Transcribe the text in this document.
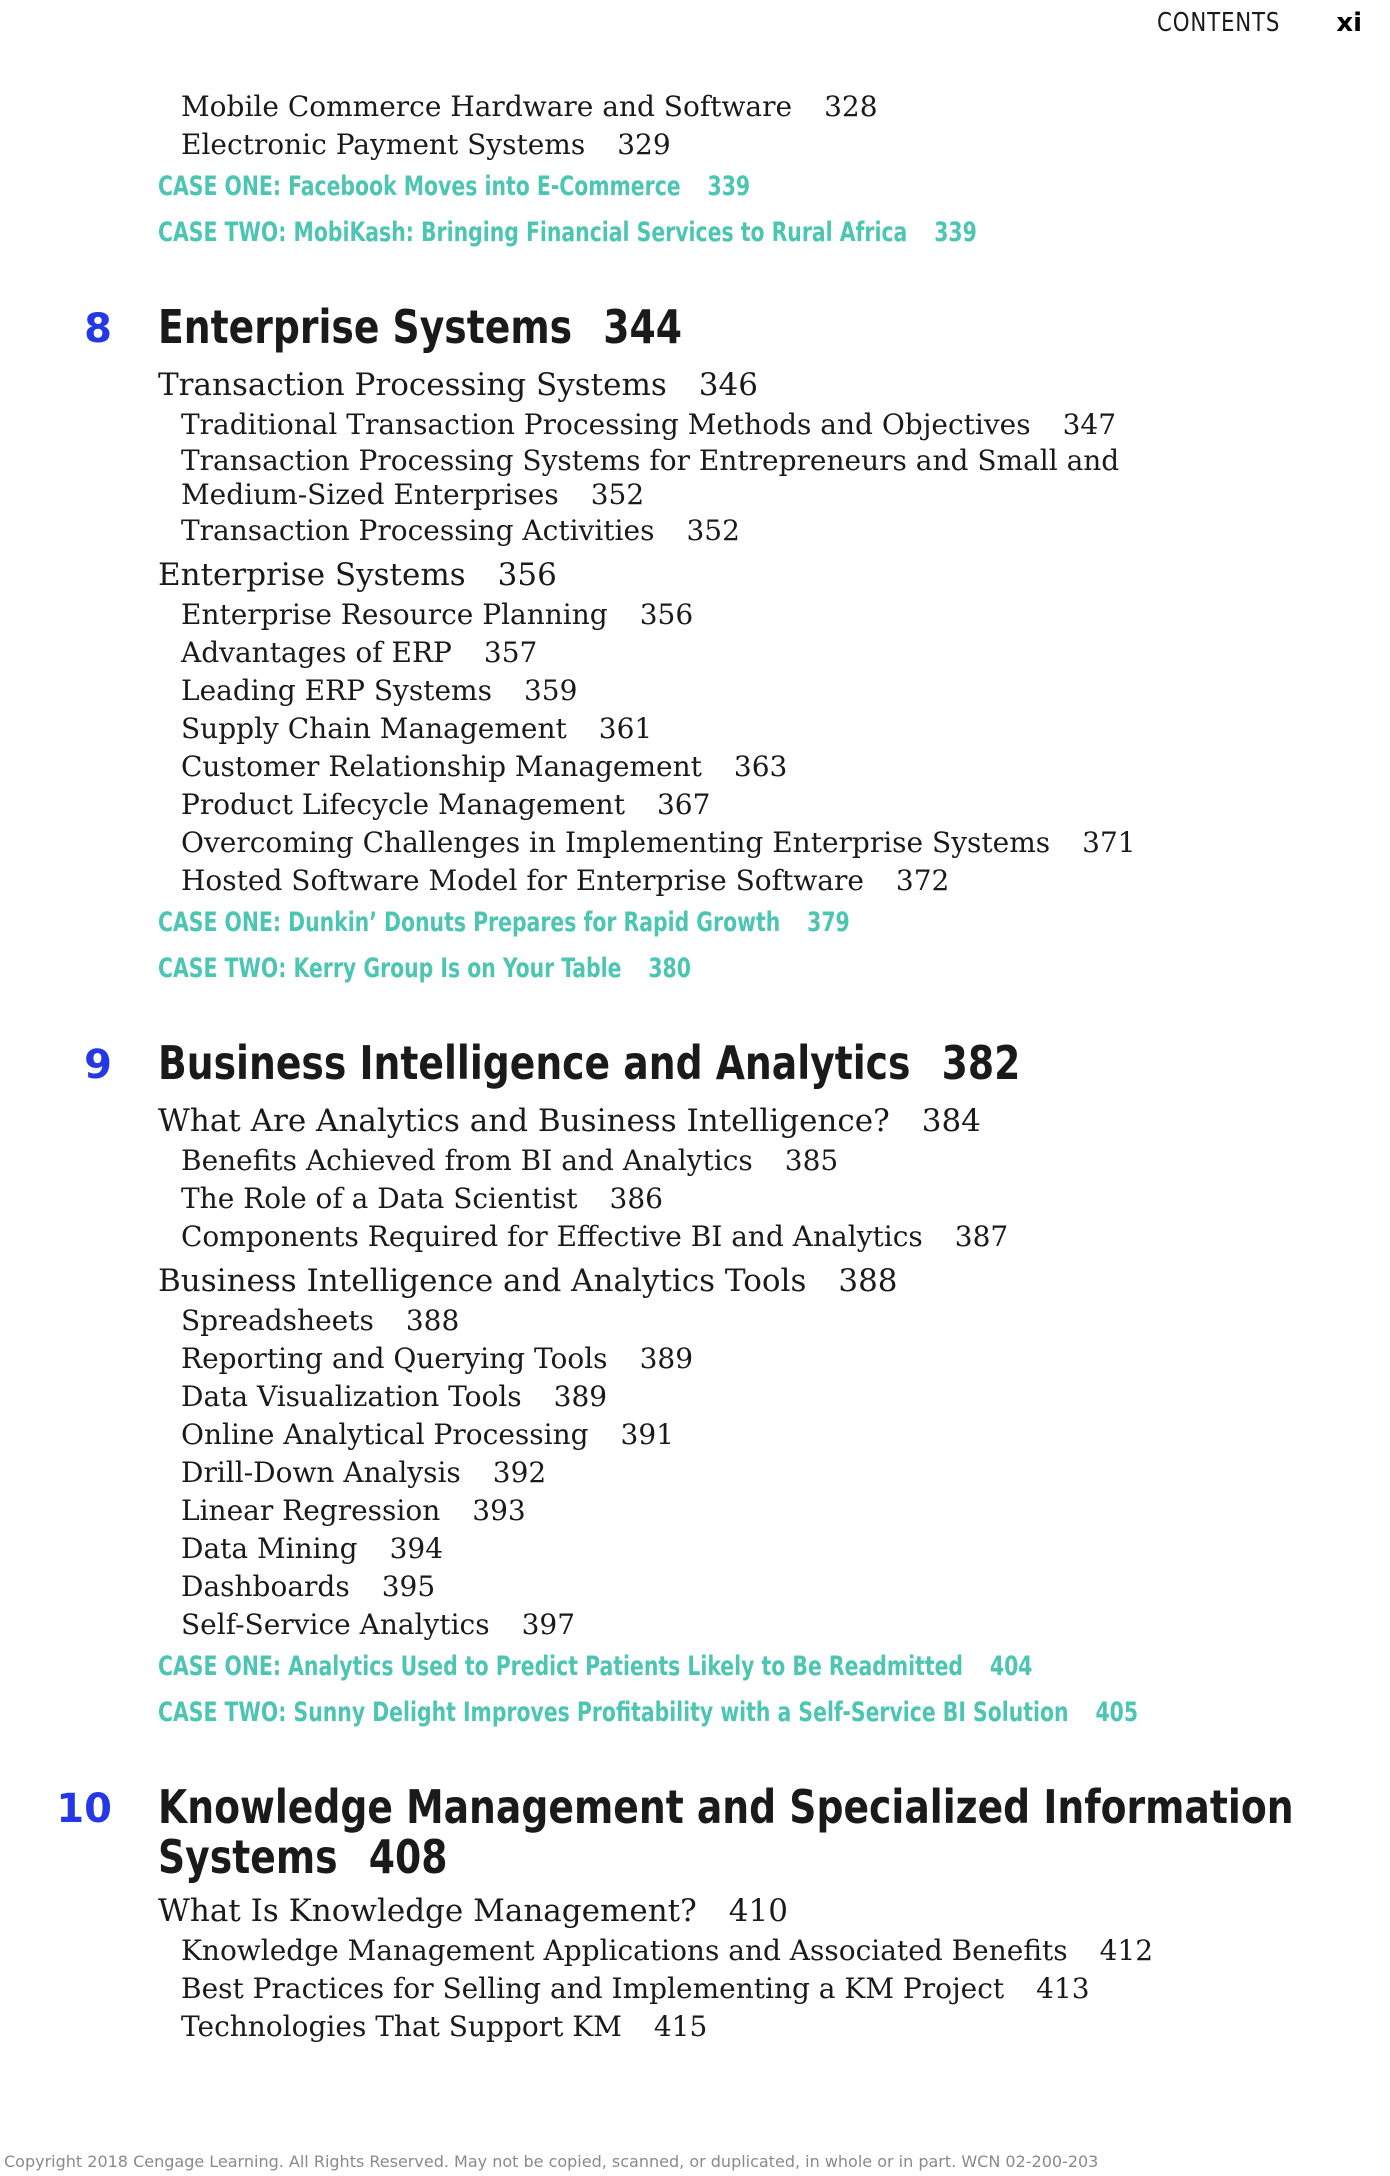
CONTENTS xi
Mobile Commerce Hardware and Software 328
Electronic Payment Systems 329
CASE ONE: Facebook Moves into E-Commerce 339
CASE TWO: MobiKash: Bringing Financial Services to Rural Africa 339
8 Enterprise Systems 344
Transaction Processing Systems 346
Traditional Transaction Processing Methods and Objectives 347
Transaction Processing Systems for Entrepreneurs and Small and
Medium-Sized Enterprises 352
Transaction Processing Activities 352
Enterprise Systems 356
Enterprise Resource Planning 356
Advantages of ERP 357
Leading ERP Systems 359
Supply Chain Management 361
Customer Relationship Management 363
Product Lifecycle Management 367
Overcoming Challenges in Implementing Enterprise Systems 371
Hosted Software Model for Enterprise Software 372
CASE ONE: Dunkin’ Donuts Prepares for Rapid Growth 379
CASE TWO: Kerry Group Is on Your Table 380
9 Business Intelligence and Analytics 382
What Are Analytics and Business Intelligence? 384
Benefits Achieved from BI and Analytics 385
The Role of a Data Scientist 386
Components Required for Effective BI and Analytics 387
Business Intelligence and Analytics Tools 388
Spreadsheets 388
Reporting and Querying Tools 389
Data Visualization Tools 389
Online Analytical Processing 391
Drill-Down Analysis 392
Linear Regression 393
Data Mining 394
Dashboards 395
Self-Service Analytics 397
CASE ONE: Analytics Used to Predict Patients Likely to Be Readmitted 404
CASE TWO: Sunny Delight Improves Profitability with a Self-Service BI Solution 405
10 Knowledge Management and Specialized Information
Systems 408
What Is Knowledge Management? 410
Knowledge Management Applications and Associated Benefits 412
Best Practices for Selling and Implementing a KM Project 413
Technologies That Support KM 415
Copyright 2018 Cengage Learning. All Rights Reserved. May not be copied, scanned, or duplicated, in whole or in part. WCN 02-200-203
